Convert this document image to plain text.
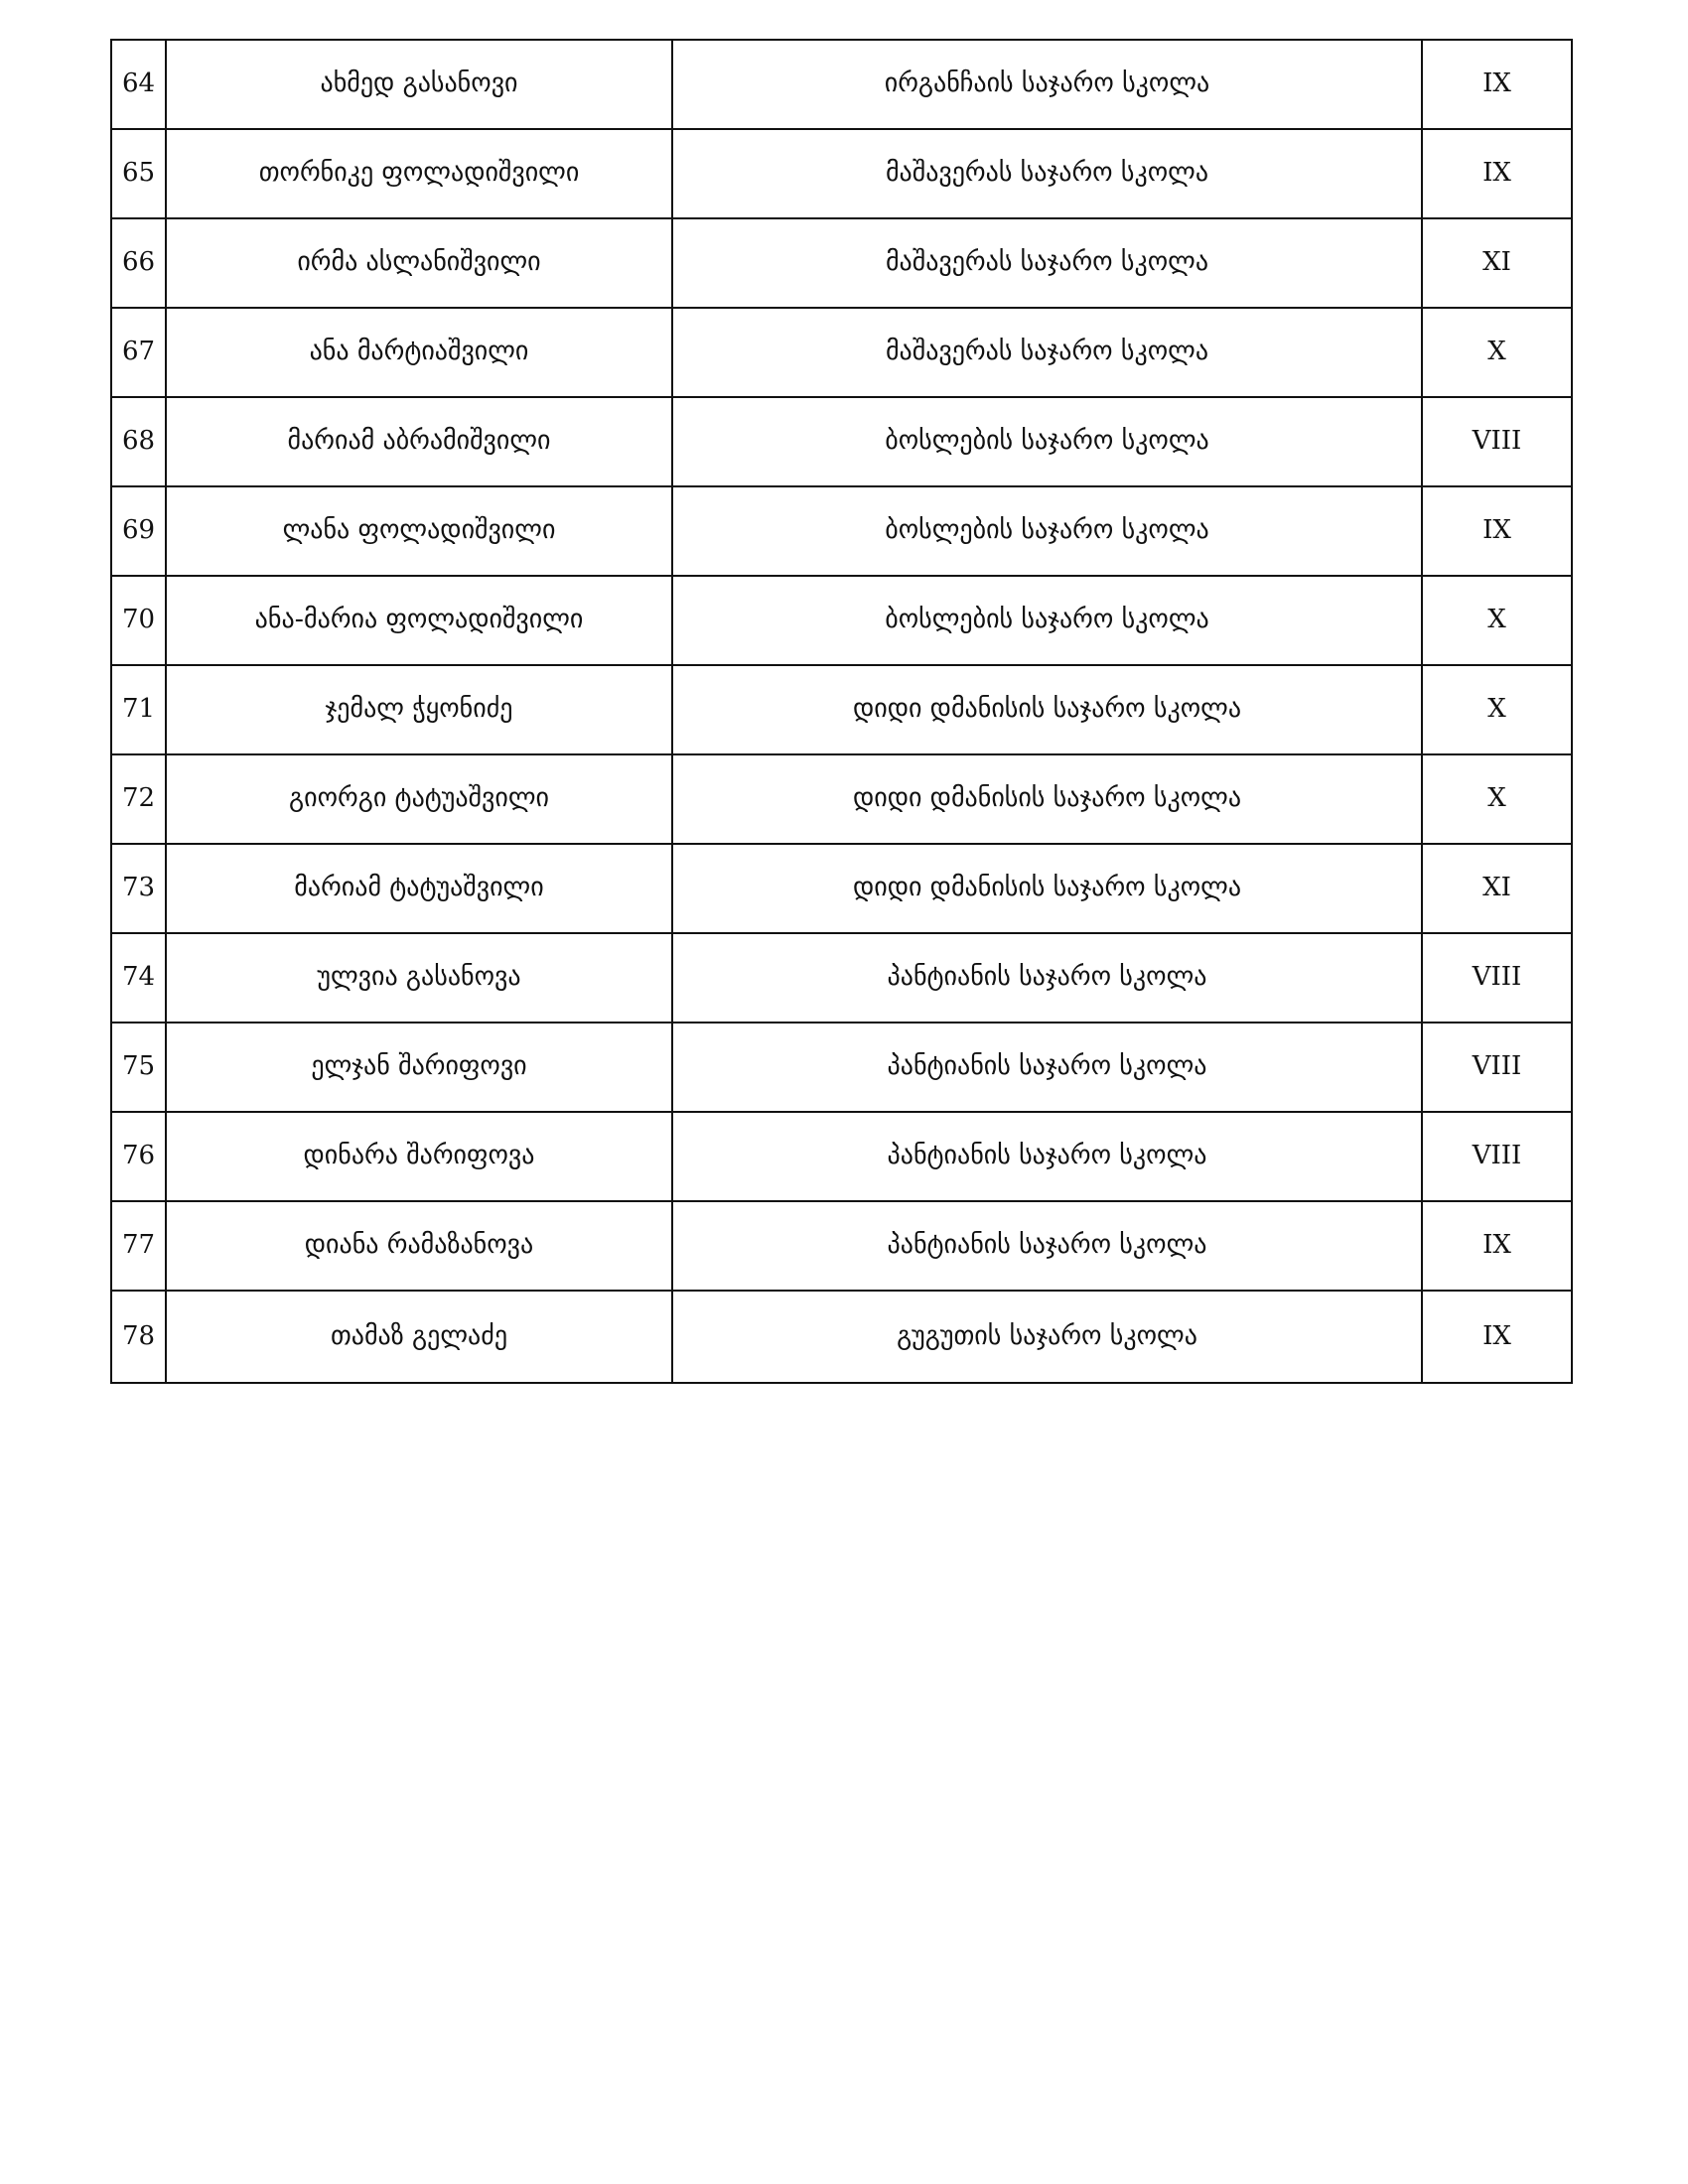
64	ახმედ გასანოვი	ირგანჩაის საჯარო სკოლა	IX
65	თორნიკე ფოლადიშვილი	მაშავერას საჯარო სკოლა	IX
66	ირმა ასლანიშვილი	მაშავერას საჯარო სკოლა	XI
67	ანა მარტიაშვილი	მაშავერას საჯარო სკოლა	X
68	მარიამ აბრამიშვილი	ბოსლების საჯარო სკოლა	VIII
69	ლანა ფოლადიშვილი	ბოსლების საჯარო სკოლა	IX
70	ანა-მარია ფოლადიშვილი	ბოსლების საჯარო სკოლა	X
71	ჯემალ ჭყონიძე	დიდი დმანისის საჯარო სკოლა	X
72	გიორგი ტატუაშვილი	დიდი დმანისის საჯარო სკოლა	X
73	მარიამ ტატუაშვილი	დიდი დმანისის საჯარო სკოლა	XI
74	ულვია გასანოვა	პანტიანის საჯარო სკოლა	VIII
75	ელჯან შარიფოვი	პანტიანის საჯარო სკოლა	VIII
76	დინარა შარიფოვა	პანტიანის საჯარო სკოლა	VIII
77	დიანა რამაზანოვა	პანტიანის საჯარო სკოლა	IX
78	თამაზ გელაძე	გუგუთის საჯარო სკოლა	IX
